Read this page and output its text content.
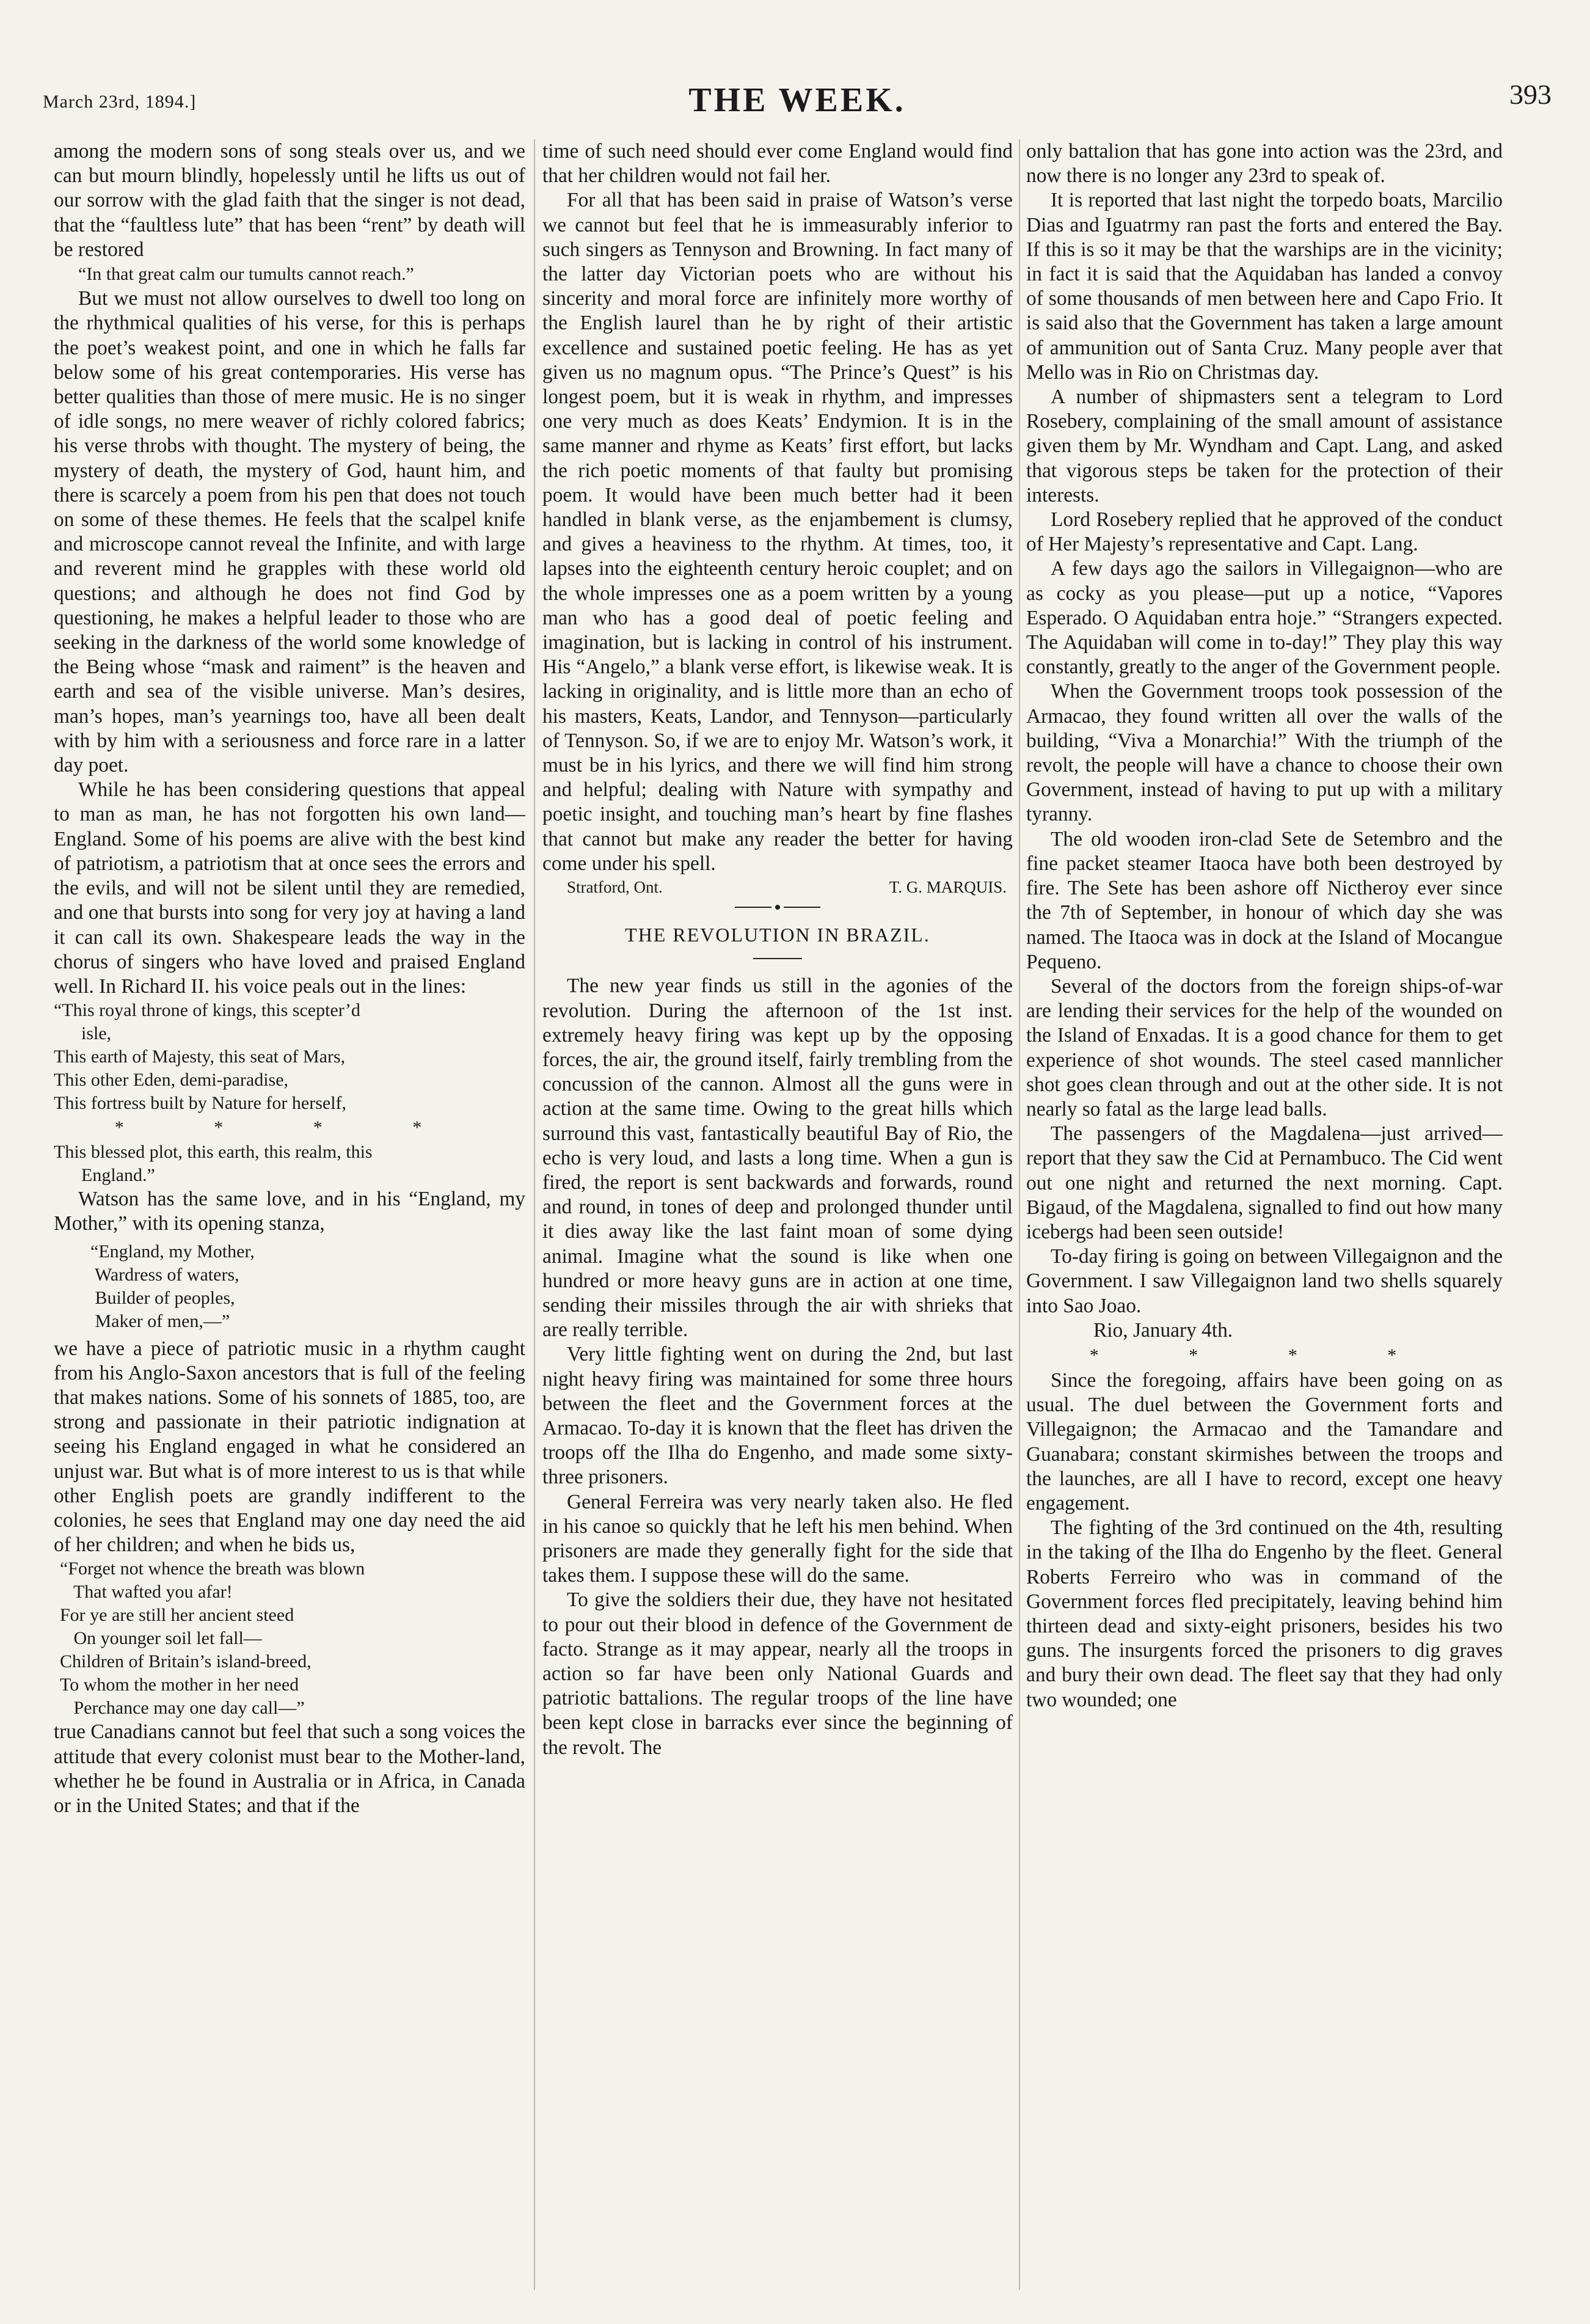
March 23rd, 1894.]	THE WEEK.	393

among the modern sons of song steals over us, and we can but mourn blindly, hopelessly until he lifts us out of our sorrow with the glad faith that the singer is not dead, that the “faultless lute” that has been “rent” by death will be restored

“In that great calm our tumults cannot reach.”

But we must not allow ourselves to dwell too long on the rhythmical qualities of his verse, for this is perhaps the poet’s weakest point, and one in which he falls far below some of his great contemporaries. His verse has better qualities than those of mere music. He is no singer of idle songs, no mere weaver of richly colored fabrics; his verse throbs with thought. The mystery of being, the mystery of death, the mystery of God, haunt him, and there is scarcely a poem from his pen that does not touch on some of these themes. He feels that the scalpel knife and microscope cannot reveal the Infinite, and with large and reverent mind he grapples with these world old questions; and although he does not find God by questioning, he makes a helpful leader to those who are seeking in the darkness of the world some knowledge of the Being whose “mask and raiment” is the heaven and earth and sea of the visible universe. Man’s desires, man’s hopes, man’s yearnings too, have all been dealt with by him with a seriousness and force rare in a latter day poet.

While he has been considering questions that appeal to man as man, he has not forgotten his own land—England. Some of his poems are alive with the best kind of patriotism, a patriotism that at once sees the errors and the evils, and will not be silent until they are remedied, and one that bursts into song for very joy at having a land it can call its own. Shakespeare leads the way in the chorus of singers who have loved and praised England well. In Richard II. his voice peals out in the lines:

“This royal throne of kings, this scepter’d
isle,
This earth of Majesty, this seat of Mars,
This other Eden, demi-paradise,
This fortress built by Nature for herself,
* * * *
This blessed plot, this earth, this realm, this
England.”

Watson has the same love, and in his “England, my Mother,” with its opening stanza,

“England, my Mother,
Wardress of waters,
Builder of peoples,
Maker of men,—”

we have a piece of patriotic music in a rhythm caught from his Anglo-Saxon ancestors that is full of the feeling that makes nations. Some of his sonnets of 1885, too, are strong and passionate in their patriotic indignation at seeing his England engaged in what he considered an unjust war. But what is of more interest to us is that while other English poets are grandly indifferent to the colonies, he sees that England may one day need the aid of her children; and when he bids us,

“Forget not whence the breath was blown
That wafted you afar!
For ye are still her ancient steed
On younger soil let fall—
Children of Britain’s island-breed,
To whom the mother in her need
Perchance may one day call—”

true Canadians cannot but feel that such a song voices the attitude that every colonist must bear to the Mother-land, whether he be found in Australia or in Africa, in Canada or in the United States; and that if the

time of such need should ever come England would find that her children would not fail her.

For all that has been said in praise of Watson’s verse we cannot but feel that he is immeasurably inferior to such singers as Tennyson and Browning. In fact many of the latter day Victorian poets who are without his sincerity and moral force are infinitely more worthy of the English laurel than he by right of their artistic excellence and sustained poetic feeling. He has as yet given us no magnum opus. “The Prince’s Quest” is his longest poem, but it is weak in rhythm, and impresses one very much as does Keats’ Endymion. It is in the same manner and rhyme as Keats’ first effort, but lacks the rich poetic moments of that faulty but promising poem. It would have been much better had it been handled in blank verse, as the enjambement is clumsy, and gives a heaviness to the rhythm. At times, too, it lapses into the eighteenth century heroic couplet; and on the whole impresses one as a poem written by a young man who has a good deal of poetic feeling and imagination, but is lacking in control of his instrument. His “Angelo,” a blank verse effort, is likewise weak. It is lacking in originality, and is little more than an echo of his masters, Keats, Landor, and Tennyson—particularly of Tennyson. So, if we are to enjoy Mr. Watson’s work, it must be in his lyrics, and there we will find him strong and helpful; dealing with Nature with sympathy and poetic insight, and touching man’s heart by fine flashes that cannot but make any reader the better for having come under his spell.

Stratford, Ont.	T. G. MARQUIS.
THE REVOLUTION IN BRAZIL.

The new year finds us still in the agonies of the revolution. During the afternoon of the 1st inst. extremely heavy firing was kept up by the opposing forces, the air, the ground itself, fairly trembling from the concussion of the cannon. Almost all the guns were in action at the same time. Owing to the great hills which surround this vast, fantastically beautiful Bay of Rio, the echo is very loud, and lasts a long time. When a gun is fired, the report is sent backwards and forwards, round and round, in tones of deep and prolonged thunder until it dies away like the last faint moan of some dying animal. Imagine what the sound is like when one hundred or more heavy guns are in action at one time, sending their missiles through the air with shrieks that are really terrible.

Very little fighting went on during the 2nd, but last night heavy firing was maintained for some three hours between the fleet and the Government forces at the Armacao. To-day it is known that the fleet has driven the troops off the Ilha do Engenho, and made some sixty-three prisoners.

General Ferreira was very nearly taken also. He fled in his canoe so quickly that he left his men behind. When prisoners are made they generally fight for the side that takes them. I suppose these will do the same.

To give the soldiers their due, they have not hesitated to pour out their blood in defence of the Government de facto. Strange as it may appear, nearly all the troops in action so far have been only National Guards and patriotic battalions. The regular troops of the line have been kept close in barracks ever since the beginning of the revolt. The

only battalion that has gone into action was the 23rd, and now there is no longer any 23rd to speak of.

It is reported that last night the torpedo boats, Marcilio Dias and Iguatrmy ran past the forts and entered the Bay. If this is so it may be that the warships are in the vicinity; in fact it is said that the Aquidaban has landed a convoy of some thousands of men between here and Capo Frio. It is said also that the Government has taken a large amount of ammunition out of Santa Cruz. Many people aver that Mello was in Rio on Christmas day.

A number of shipmasters sent a telegram to Lord Rosebery, complaining of the small amount of assistance given them by Mr. Wyndham and Capt. Lang, and asked that vigorous steps be taken for the protection of their interests.

Lord Rosebery replied that he approved of the conduct of Her Majesty’s representative and Capt. Lang.

A few days ago the sailors in Villegaignon—who are as cocky as you please—put up a notice, “Vapores Esperado. O Aquidaban entra hoje.” “Strangers expected. The Aquidaban will come in to-day!” They play this way constantly, greatly to the anger of the Government people.

When the Government troops took possession of the Armacao, they found written all over the walls of the building, “Viva a Monarchia!” With the triumph of the revolt, the people will have a chance to choose their own Government, instead of having to put up with a military tyranny.

The old wooden iron-clad Sete de Setembro and the fine packet steamer Itaoca have both been destroyed by fire. The Sete has been ashore off Nictheroy ever since the 7th of September, in honour of which day she was named. The Itaoca was in dock at the Island of Mocangue Pequeno.

Several of the doctors from the foreign ships-of-war are lending their services for the help of the wounded on the Island of Enxadas. It is a good chance for them to get experience of shot wounds. The steel cased mannlicher shot goes clean through and out at the other side. It is not nearly so fatal as the large lead balls.

The passengers of the Magdalena—just arrived—report that they saw the Cid at Pernambuco. The Cid went out one night and returned the next morning. Capt. Bigaud, of the Magdalena, signalled to find out how many icebergs had been seen outside!

To-day firing is going on between Villegaignon and the Government. I saw Villegaignon land two shells squarely into Sao Joao.

Rio, January 4th.

* * * *

Since the foregoing, affairs have been going on as usual. The duel between the Government forts and Villegaignon; the Armacao and the Tamandare and Guanabara; constant skirmishes between the troops and the launches, are all I have to record, except one heavy engagement.

The fighting of the 3rd continued on the 4th, resulting in the taking of the Ilha do Engenho by the fleet. General Roberts Ferreiro who was in command of the Government forces fled precipitately, leaving behind him thirteen dead and sixty-eight prisoners, besides his two guns. The insurgents forced the prisoners to dig graves and bury their own dead. The fleet say that they had only two wounded; one
